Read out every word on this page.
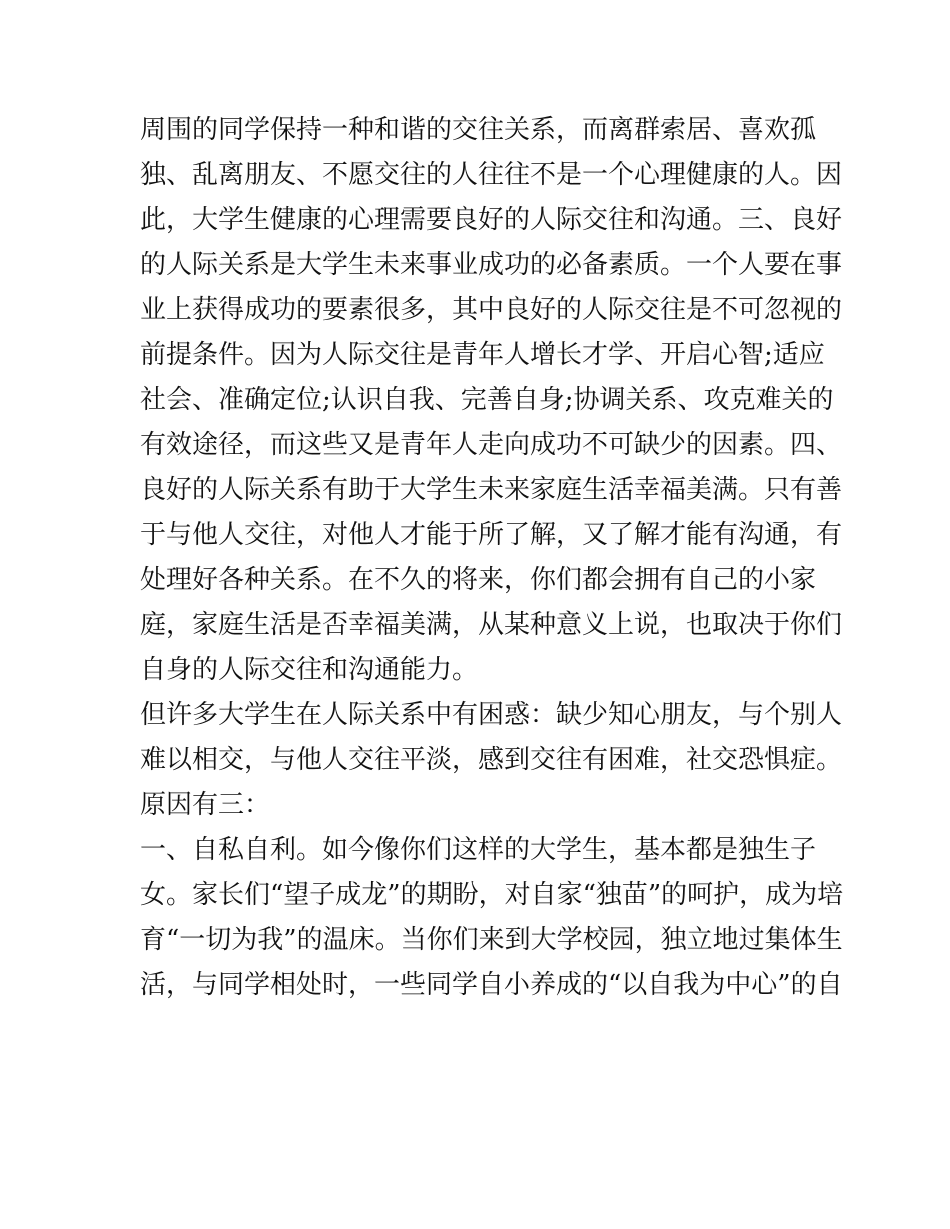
周围的同学保持一种和谐的交往关系，而离群索居、喜欢孤
独、乱离朋友、不愿交往的人往往不是一个心理健康的人。因
此，大学生健康的心理需要良好的人际交往和沟通。三、良好
的人际关系是大学生未来事业成功的必备素质。一个人要在事
业上获得成功的要素很多，其中良好的人际交往是不可忽视的
前提条件。因为人际交往是青年人增长才学、开启心智;适应
社会、准确定位;认识自我、完善自身;协调关系、攻克难关的
有效途径，而这些又是青年人走向成功不可缺少的因素。四、
良好的人际关系有助于大学生未来家庭生活幸福美满。只有善
于与他人交往，对他人才能于所了解，又了解才能有沟通，有
处理好各种关系。在不久的将来，你们都会拥有自己的小家
庭，家庭生活是否幸福美满，从某种意义上说，也取决于你们
自身的人际交往和沟通能力。
但许多大学生在人际关系中有困惑：缺少知心朋友，与个别人
难以相交，与他人交往平淡，感到交往有困难，社交恐惧症。
原因有三：
一、自私自利。如今像你们这样的大学生，基本都是独生子
女。家长们“望子成龙”的期盼，对自家“独苗”的呵护，成为培
育“一切为我”的温床。当你们来到大学校园，独立地过集体生
活，与同学相处时，一些同学自小养成的“以自我为中心”的自
